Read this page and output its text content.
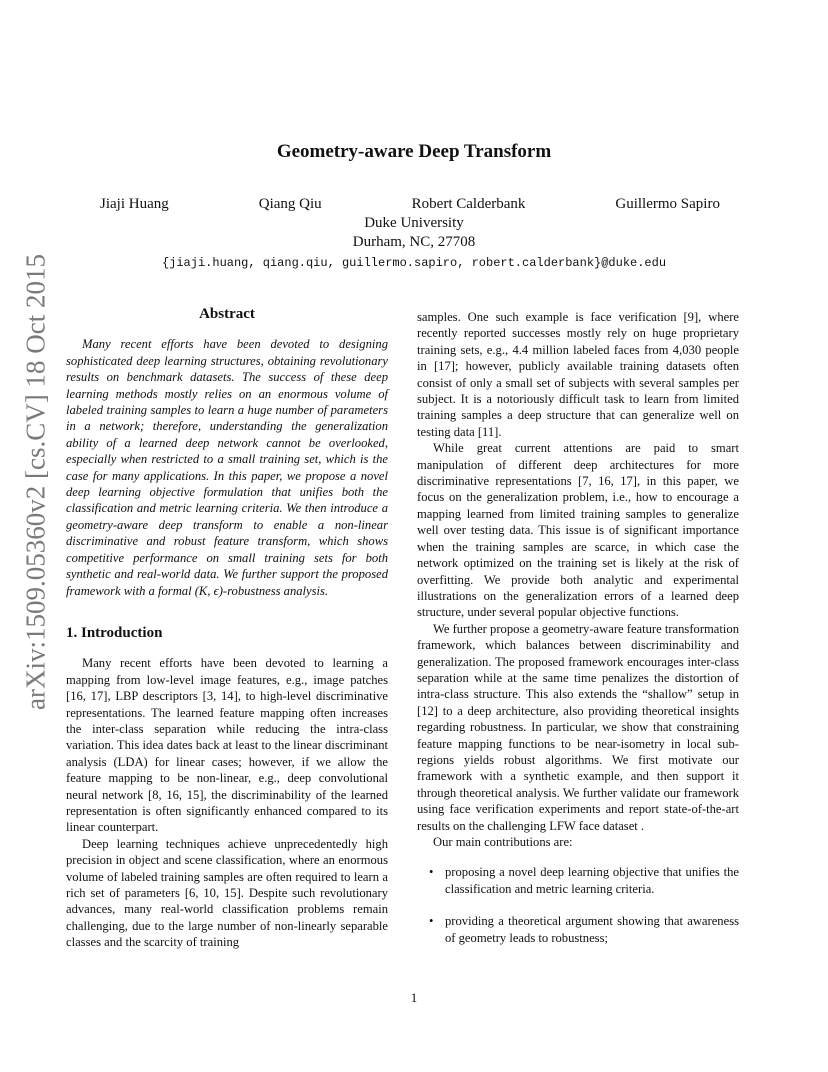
arXiv:1509.05360v2 [cs.CV] 18 Oct 2015
Geometry-aware Deep Transform
Jiaji Huang	Qiang Qiu	Robert Calderbank	Guillermo Sapiro
Duke University
Durham, NC, 27708
{jiaji.huang, qiang.qiu, guillermo.sapiro, robert.calderbank}@duke.edu
Abstract

Many recent efforts have been devoted to designing sophisticated deep learning structures, obtaining revolutionary results on benchmark datasets. The success of these deep learning methods mostly relies on an enormous volume of labeled training samples to learn a huge number of parameters in a network; therefore, understanding the generalization ability of a learned deep network cannot be overlooked, especially when restricted to a small training set, which is the case for many applications. In this paper, we propose a novel deep learning objective formulation that unifies both the classification and metric learning criteria. We then introduce a geometry-aware deep transform to enable a non-linear discriminative and robust feature transform, which shows competitive performance on small training sets for both synthetic and real-world data. We further support the proposed framework with a formal (K, ϵ)-robustness analysis.

1. Introduction

Many recent efforts have been devoted to learning a mapping from low-level image features, e.g., image patches [16, 17], LBP descriptors [3, 14], to high-level discriminative representations. The learned feature mapping often increases the inter-class separation while reducing the intra-class variation. This idea dates back at least to the linear discriminant analysis (LDA) for linear cases; however, if we allow the feature mapping to be non-linear, e.g., deep convolutional neural network [8, 16, 15], the discriminability of the learned representation is often significantly enhanced compared to its linear counterpart.

Deep learning techniques achieve unprecedentedly high precision in object and scene classification, where an enormous volume of labeled training samples are often required to learn a rich set of parameters [6, 10, 15]. Despite such revolutionary advances, many real-world classification problems remain challenging, due to the large number of non-linearly separable classes and the scarcity of training

samples. One such example is face verification [9], where recently reported successes mostly rely on huge proprietary training sets, e.g., 4.4 million labeled faces from 4,030 people in [17]; however, publicly available training datasets often consist of only a small set of subjects with several samples per subject. It is a notoriously difficult task to learn from limited training samples a deep structure that can generalize well on testing data [11].

While great current attentions are paid to smart manipulation of different deep architectures for more discriminative representations [7, 16, 17], in this paper, we focus on the generalization problem, i.e., how to encourage a mapping learned from limited training samples to generalize well over testing data. This issue is of significant importance when the training samples are scarce, in which case the network optimized on the training set is likely at the risk of overfitting. We provide both analytic and experimental illustrations on the generalization errors of a learned deep structure, under several popular objective functions.

We further propose a geometry-aware feature transformation framework, which balances between discriminability and generalization. The proposed framework encourages inter-class separation while at the same time penalizes the distortion of intra-class structure. This also extends the “shallow” setup in [12] to a deep architecture, also providing theoretical insights regarding robustness. In particular, we show that constraining feature mapping functions to be near-isometry in local sub-regions yields robust algorithms. We first motivate our framework with a synthetic example, and then support it through theoretical analysis. We further validate our framework using face verification experiments and report state-of-the-art results on the challenging LFW face dataset .

Our main contributions are:

• proposing a novel deep learning objective that unifies the classification and metric learning criteria.
• providing a theoretical argument showing that awareness of geometry leads to robustness;
1
